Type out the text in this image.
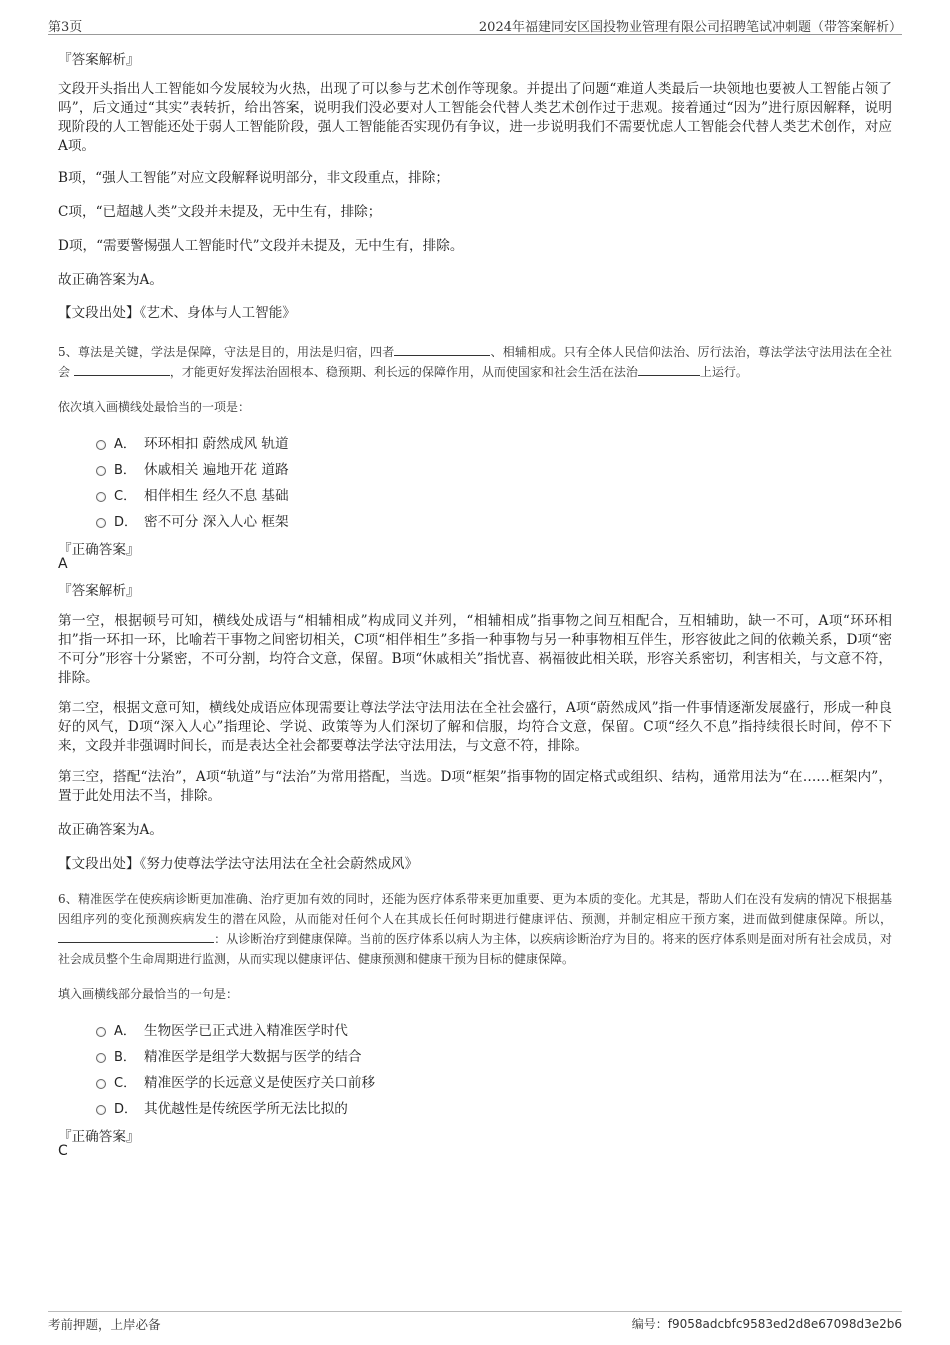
第3页	2024年福建同安区国投物业管理有限公司招聘笔试冲刺题（带答案解析）
『答案解析』

文段开头指出人工智能如今发展较为火热，出现了可以参与艺术创作等现象。并提出了问题“难道人类最后一块领地也要被人工智能占领了吗”，后文通过“其实”表转折，给出答案，说明我们没必要对人工智能会代替人类艺术创作过于悲观。接着通过“因为”进行原因解释，说明现阶段的人工智能还处于弱人工智能阶段，强人工智能能否实现仍有争议，进一步说明我们不需要忧虑人工智能会代替人类艺术创作，对应A项。

B项，“强人工智能”对应文段解释说明部分，非文段重点，排除；

C项，“已超越人类”文段并未提及，无中生有，排除；

D项，“需要警惕强人工智能时代”文段并未提及，无中生有，排除。

故正确答案为A。

【文段出处】《艺术、身体与人工智能》

5、尊法是关键，学法是保障，守法是目的，用法是归宿，四者	、相辅相成。只有全体人民信仰法治、厉行法治，尊法学法守法用法在全社会	，才能更好发挥法治固根本、稳预期、利长远的保障作用，从而使国家和社会生活在法治	上运行。

依次填入画横线处最恰当的一项是：

A． 环环相扣 蔚然成风 轨道
B． 休戚相关 遍地开花 道路
C． 相伴相生 经久不息 基础
D． 密不可分 深入人心 框架
『正确答案』
A
『答案解析』

第一空，根据顿号可知，横线处成语与“相辅相成”构成同义并列，“相辅相成”指事物之间互相配合，互相辅助，缺一不可，A项“环环相扣”指一环扣一环，比喻若干事物之间密切相关，C项“相伴相生”多指一种事物与另一种事物相互伴生，形容彼此之间的依赖关系，D项“密不可分”形容十分紧密，不可分割，均符合文意，保留。B项“休戚相关”指忧喜、祸福彼此相关联，形容关系密切，利害相关，与文意不符，排除。

第二空，根据文意可知，横线处成语应体现需要让尊法学法守法用法在全社会盛行，A项“蔚然成风”指一件事情逐渐发展盛行，形成一种良好的风气，D项“深入人心”指理论、学说、政策等为人们深切了解和信服，均符合文意，保留。C项“经久不息”指持续很长时间，停不下来，文段并非强调时间长，而是表达全社会都要尊法学法守法用法，与文意不符，排除。

第三空，搭配“法治”，A项“轨道”与“法治”为常用搭配，当选。D项“框架”指事物的固定格式或组织、结构，通常用法为“在……框架内”，置于此处用法不当，排除。

故正确答案为A。

【文段出处】《努力使尊法学法守法用法在全社会蔚然成风》

6、精准医学在使疾病诊断更加准确、治疗更加有效的同时，还能为医疗体系带来更加重要、更为本质的变化。尤其是，帮助人们在没有发病的情况下根据基因组序列的变化预测疾病发生的潜在风险，从而能对任何个人在其成长任何时期进行健康评估、预测，并制定相应干预方案，进而做到健康保障。所以， ：从诊断治疗到健康保障。当前的医疗体系以病人为主体，以疾病诊断治疗为目的。将来的医疗体系则是面对所有社会成员，对社会成员整个生命周期进行监测，从而实现以健康评估、健康预测和健康干预为目标的健康保障。

填入画横线部分最恰当的一句是：

A． 生物医学已正式进入精准医学时代
B． 精准医学是组学大数据与医学的结合
C． 精准医学的长远意义是使医疗关口前移
D． 其优越性是传统医学所无法比拟的
『正确答案』
C
考前押题，上岸必备	编号：f9058adcbfc9583ed2d8e67098d3e2b6
